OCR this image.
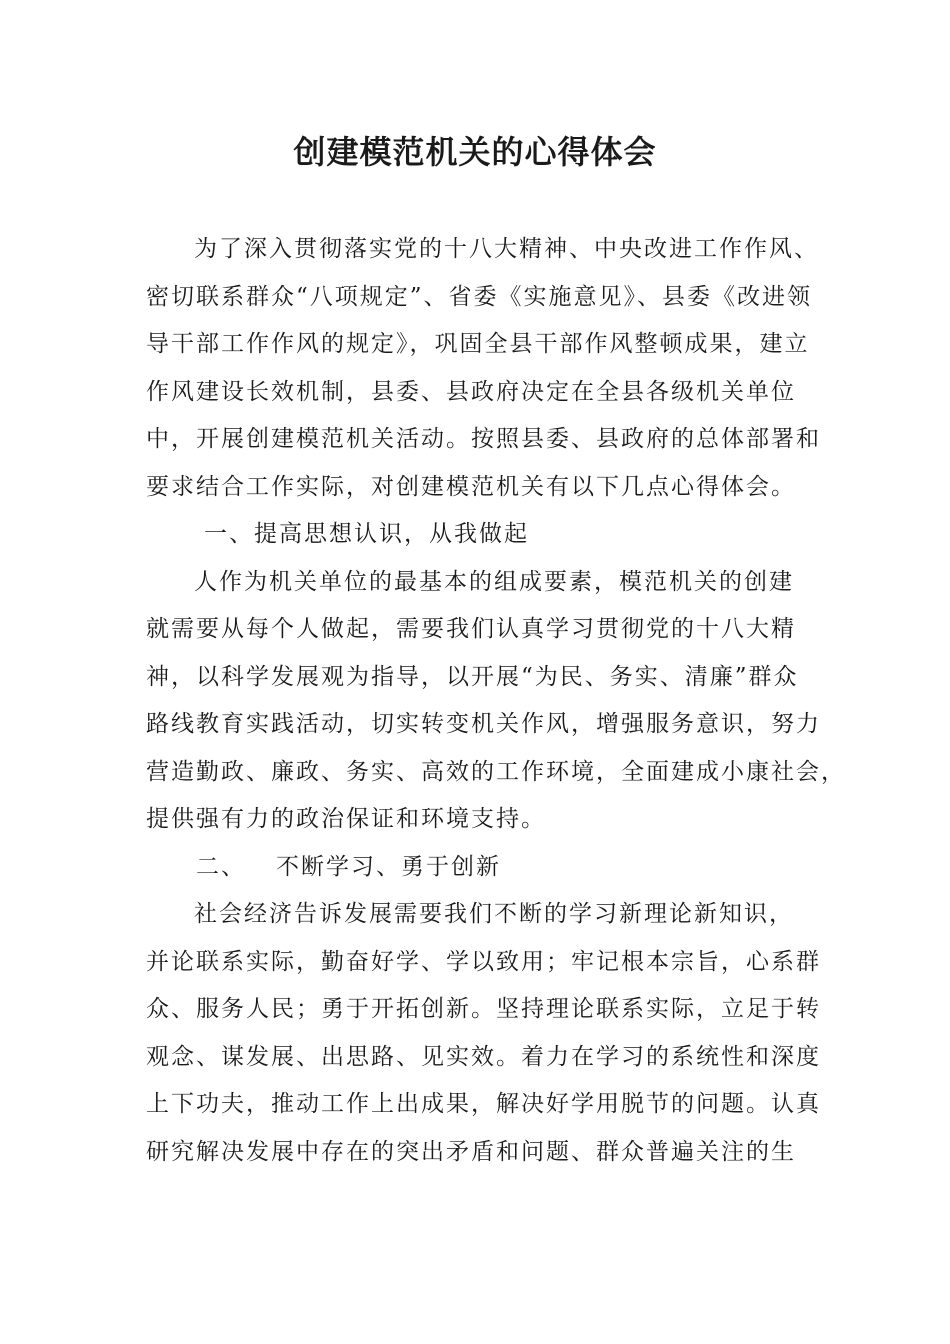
创建模范机关的心得体会
为了深入贯彻落实党的十八大精神、中央改进工作作风、
密切联系群众“八项规定”、省委《实施意见》、县委《改进领
导干部工作作风的规定》，巩固全县干部作风整顿成果，建立
作风建设长效机制，县委、县政府决定在全县各级机关单位
中，开展创建模范机关活动。按照县委、县政府的总体部署和
要求结合工作实际，对创建模范机关有以下几点心得体会。
一、提高思想认识，从我做起
人作为机关单位的最基本的组成要素，模范机关的创建
就需要从每个人做起，需要我们认真学习贯彻党的十八大精
神，以科学发展观为指导，以开展“为民、务实、清廉”群众
路线教育实践活动，切实转变机关作风，增强服务意识，努力
营造勤政、廉政、务实、高效的工作环境，全面建成小康社会，
提供强有力的政治保证和环境支持。
二、 不断学习、勇于创新
社会经济告诉发展需要我们不断的学习新理论新知识，
并论联系实际，勤奋好学、学以致用；牢记根本宗旨，心系群
众、服务人民；勇于开拓创新。坚持理论联系实际，立足于转
观念、谋发展、出思路、见实效。着力在学习的系统性和深度
上下功夫，推动工作上出成果，解决好学用脱节的问题。认真
研究解决发展中存在的突出矛盾和问题、群众普遍关注的生
